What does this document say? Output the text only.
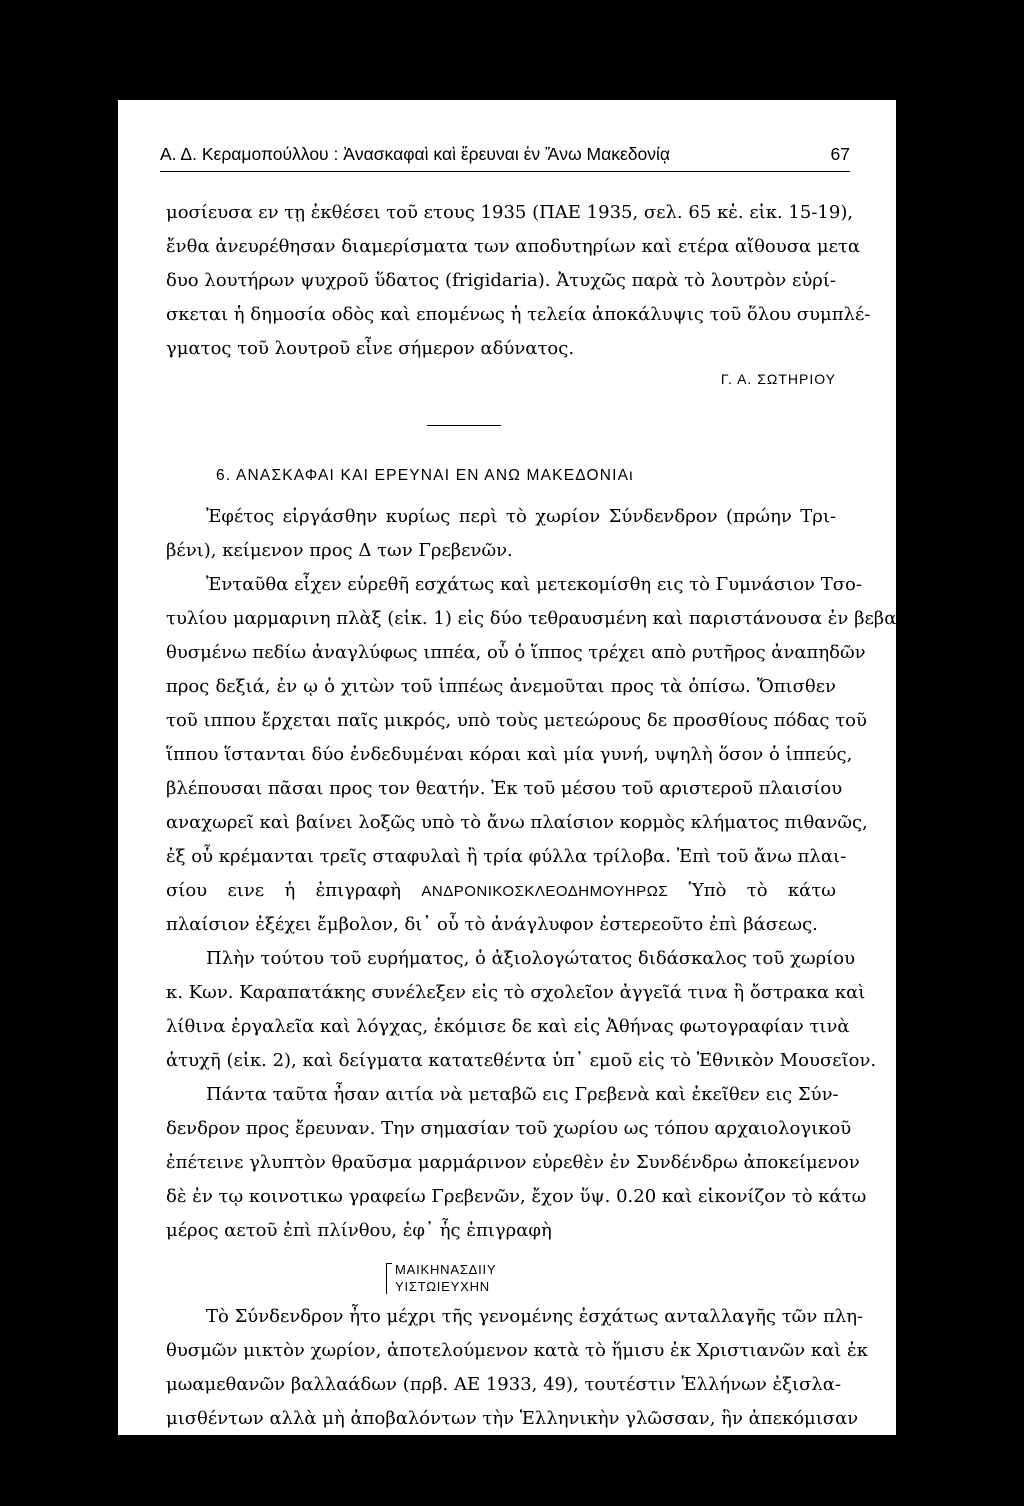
Α. Δ. Κεραμοπούλλου : Ἀνασκαφαὶ καὶ ἔρευναι ἐν Ἄνω Μακεδονίᾳ	67
μοσίευσα εν τῃ ἐκθέσει τοῦ ετους 1935 (ΠΑΕ 1935, σελ. 65 κἑ. εἰκ. 15-19),
ἔνθα ἀνευρέθησαν διαμερίσματα των αποδυτηρίων καὶ ετέρα αἴθουσα μετα
δυο λουτήρων ψυχροῦ ὕδατος (frigidaria). Ἀτυχῶς παρὰ τὸ λουτρὸν εὑρί-
σκεται ἡ δημοσία οδὸς καὶ επομένως ἡ τελεία ἀποκάλυψις τοῦ ὅλου συμπλέ-
γματος τοῦ λουτροῦ εἶνε σήμερον αδύνατος.
Γ. Α. ΣΩΤΗΡΙΟΥ
6. ΑΝΑΣΚΑΦΑΙ ΚΑΙ ΕΡΕΥΝΑΙ ΕΝ ΑΝΩ ΜΑΚΕΔΟΝΙΑι
Ἐφέτος εἰργάσθην κυρίως περὶ τὸ χωρίον Σύνδενδρον (πρώην Τρι-
βένι), κείμενον προς Δ των Γρεβενῶν.
Ἐνταῦθα εἶχεν εὑρεθῆ εσχάτως καὶ μετεκομίσθη εις τὸ Γυμνάσιον Τσο-
τυλίου μαρμαρινη πλὰξ (εἰκ. 1) εἰς δύο τεθραυσμένη καὶ παριστάνουσα ἐν βεβα-
θυσμένω πεδίω ἀναγλύφως ιππέα, οὗ ὁ ἵππος τρέχει απὸ ρυτῆρος ἀναπηδῶν
προς δεξιά, ἐν ῳ ὁ χιτὼν τοῦ ἱππέως ἀνεμοῦται προς τὰ ὀπίσω. Ὄπισθεν
τοῦ ιππου ἔρχεται παῖς μικρός, υπὸ τοὺς μετεώρους δε προσθίους πόδας τοῦ
ἵππου ἵστανται δύο ἐνδεδυμέναι κόραι καὶ μία γυνή, υψηλὴ ὅσον ὁ ἱππεύς,
βλέπουσαι πᾶσαι προς τον θεατήν. Ἐκ τοῦ μέσου τοῦ αριστεροῦ πλαισίου
αναχωρεῖ καὶ βαίνει λοξῶς υπὸ τὸ ἄνω πλαίσιον κορμὸς κλήματος πιθανῶς,
ἐξ οὗ κρέμανται τρεῖς σταφυλαὶ ἢ τρία φύλλα τρίλοβα. Ἐπὶ τοῦ ἄνω πλαι-
σίου εινε ἡ ἐπιγραφὴ ΑΝΔΡΟΝΙΚΟΣΚΛΕΟΔΗΜΟΥΗΡΩΣ Ὑπὸ τὸ κάτω
πλαίσιον ἐξέχει ἔμβολον, δι᾽ οὗ τὸ ἀνάγλυφον ἐστερεοῦτο ἐπὶ βάσεως.
Πλὴν τούτου τοῦ ευρήματος, ὁ ἀξιολογώτατος διδάσκαλος τοῦ χωρίου
κ. Κων. Καραπατάκης συνέλεξεν εἰς τὸ σχολεῖον ἀγγεῖά τινα ἢ ὄστρακα καὶ
λίθινα ἐργαλεῖα καὶ λόγχας, ἐκόμισε δε καὶ εἰς Ἀθήνας φωτογραφίαν τινὰ
ἀτυχῆ (εἰκ. 2), καὶ δείγματα κατατεθέντα ὑπ᾽ εμοῦ εἰς τὸ Ἐθνικὸν Μουσεῖον.
Πάντα ταῦτα ἦσαν αιτία νὰ μεταβῶ εις Γρεβενὰ καὶ ἐκεῖθεν εις Σύν-
δενδρον προς ἔρευναν. Την σημασίαν τοῦ χωρίου ως τόπου αρχαιολογικοῦ
ἐπέτεινε γλυπτὸν θραῦσμα μαρμάρινον εὑρεθὲν ἐν Συνδένδρω ἀποκείμενον
δὲ ἐν τῳ κοινοτικω γραφείω Γρεβενῶν, ἔχον ὕψ. 0.20 καὶ εἰκονίζον τὸ κάτω
μέρος αετοῦ ἐπὶ πλίνθου, ἐφ᾽ ἧς ἐπιγραφὴ
ΜΑΙΚΗΝΑΣΔΙΙΥ
ΥΙΣΤΩΙΕΥΧΗΝ
Τὸ Σύνδενδρον ἦτο μέχρι τῆς γενομένης ἐσχάτως ανταλλαγῆς τῶν πλη-
θυσμῶν μικτὸν χωρίον, ἀποτελούμενον κατὰ τὸ ἥμισυ ἐκ Χριστιανῶν καὶ ἐκ
μωαμεθανῶν βαλλαάδων (πρβ. ΑΕ 1933, 49), τουτέστιν Ἑλλήνων ἐξισλα-
μισθέντων αλλὰ μὴ ἀποβαλόντων τὴν Ἑλληνικὴν γλῶσσαν, ἣν ἀπεκόμισαν
